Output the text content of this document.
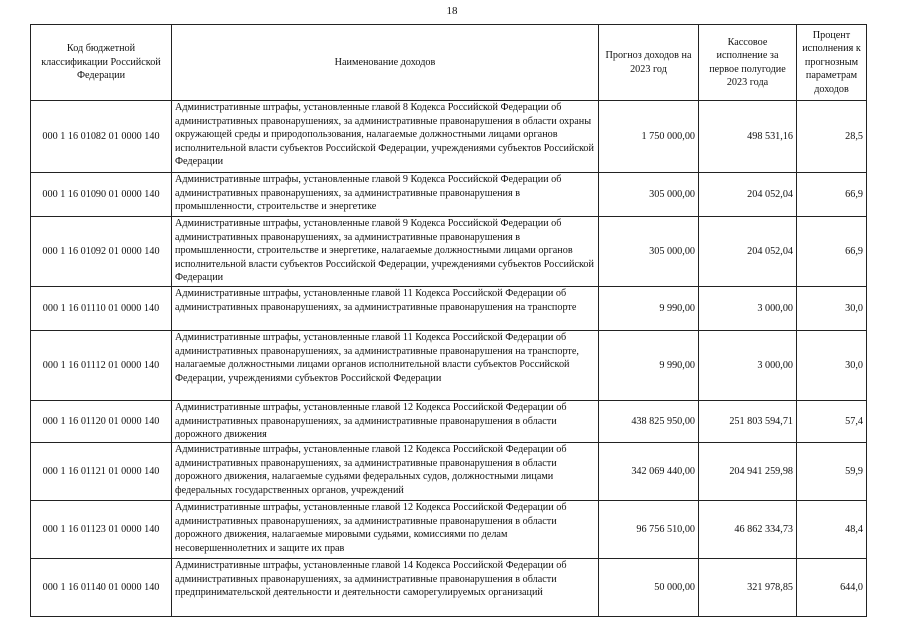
18
Код бюджетной классификации Российской Федерации	Наименование доходов	Прогноз доходов на 2023 год	Кассовое исполнение за первое полугодие 2023 года	Процент исполнения к прогнозным параметрам доходов
000 1 16 01082 01 0000 140	Административные штрафы, установленные главой 8 Кодекса Российской Федерации об административных правонарушениях, за административные правонарушения в области охраны окружающей среды и природопользования, налагаемые должностными лицами органов исполнительной власти субъектов Российской Федерации, учреждениями субъектов Российской Федерации	1 750 000,00	498 531,16	28,5
000 1 16 01090 01 0000 140	Административные штрафы, установленные главой 9 Кодекса Российской Федерации об административных правонарушениях, за административные правонарушения в промышленности, строительстве и энергетике	305 000,00	204 052,04	66,9
000 1 16 01092 01 0000 140	Административные штрафы, установленные главой 9 Кодекса Российской Федерации об административных правонарушениях, за административные правонарушения в промышленности, строительстве и энергетике, налагаемые должностными лицами органов исполнительной власти субъектов Российской Федерации, учреждениями субъектов Российской Федерации	305 000,00	204 052,04	66,9
000 1 16 01110 01 0000 140	Административные штрафы, установленные главой 11 Кодекса Российской Федерации об административных правонарушениях, за административные правонарушения на транспорте	9 990,00	3 000,00	30,0
000 1 16 01112 01 0000 140	Административные штрафы, установленные главой 11 Кодекса Российской Федерации об административных правонарушениях, за административные правонарушения на транспорте, налагаемые должностными лицами органов исполнительной власти субъектов Российской Федерации, учреждениями субъектов Российской Федерации	9 990,00	3 000,00	30,0
000 1 16 01120 01 0000 140	Административные штрафы, установленные главой 12 Кодекса Российской Федерации об административных правонарушениях, за административные правонарушения в области дорожного движения	438 825 950,00	251 803 594,71	57,4
000 1 16 01121 01 0000 140	Административные штрафы, установленные главой 12 Кодекса Российской Федерации об административных правонарушениях, за административные правонарушения в области дорожного движения, налагаемые судьями федеральных судов, должностными лицами федеральных государственных органов, учреждений	342 069 440,00	204 941 259,98	59,9
000 1 16 01123 01 0000 140	Административные штрафы, установленные главой 12 Кодекса Российской Федерации об административных правонарушениях, за административные правонарушения в области дорожного движения, налагаемые мировыми судьями, комиссиями по делам несовершеннолетних и защите их прав	96 756 510,00	46 862 334,73	48,4
000 1 16 01140 01 0000 140	Административные штрафы, установленные главой 14 Кодекса Российской Федерации об административных правонарушениях, за административные правонарушения в области предпринимательской деятельности и деятельности саморегулируемых организаций	50 000,00	321 978,85	644,0
